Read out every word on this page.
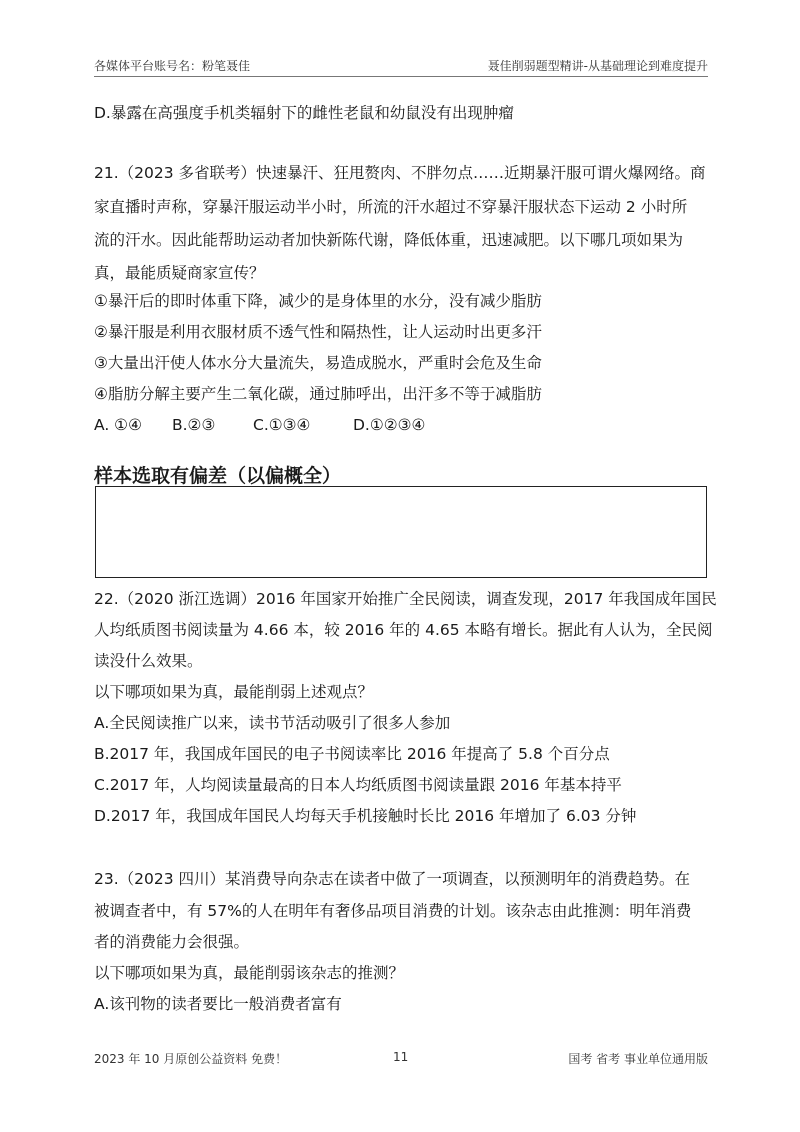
各媒体平台账号名：粉笔聂佳	聂佳削弱题型精讲-从基础理论到难度提升
D.暴露在高强度手机类辐射下的雌性老鼠和幼鼠没有出现肿瘤
21.（2023 多省联考）快速暴汗、狂甩赘肉、不胖勿点……近期暴汗服可谓火爆网络。商
家直播时声称，穿暴汗服运动半小时，所流的汗水超过不穿暴汗服状态下运动 2 小时所
流的汗水。因此能帮助运动者加快新陈代谢，降低体重，迅速减肥。以下哪几项如果为
真，最能质疑商家宣传？
①暴汗后的即时体重下降，减少的是身体里的水分，没有减少脂肪
②暴汗服是利用衣服材质不透气性和隔热性，让人运动时出更多汗
③大量出汗使人体水分大量流失，易造成脱水，严重时会危及生命
④脂肪分解主要产生二氧化碳，通过肺呼出，出汗多不等于减脂肪
A. ①④ B.②③ C.①③④	D.①②③④
样本选取有偏差（以偏概全）
22.（2020 浙江选调）2016 年国家开始推广全民阅读，调查发现，2017 年我国成年国民
人均纸质图书阅读量为 4.66 本，较 2016 年的 4.65 本略有增长。据此有人认为，全民阅
读没什么效果。
以下哪项如果为真，最能削弱上述观点？
A.全民阅读推广以来，读书节活动吸引了很多人参加
B.2017 年，我国成年国民的电子书阅读率比 2016 年提高了 5.8 个百分点
C.2017 年，人均阅读量最高的日本人均纸质图书阅读量跟 2016 年基本持平
D.2017 年，我国成年国民人均每天手机接触时长比 2016 年增加了 6.03 分钟
23.（2023 四川）某消费导向杂志在读者中做了一项调查，以预测明年的消费趋势。在
被调查者中，有 57%的人在明年有奢侈品项目消费的计划。该杂志由此推测：明年消费
者的消费能力会很强。
以下哪项如果为真，最能削弱该杂志的推测？
A.该刊物的读者要比一般消费者富有
2023 年 10 月原创公益资料 免费！	11	国考 省考 事业单位通用版
